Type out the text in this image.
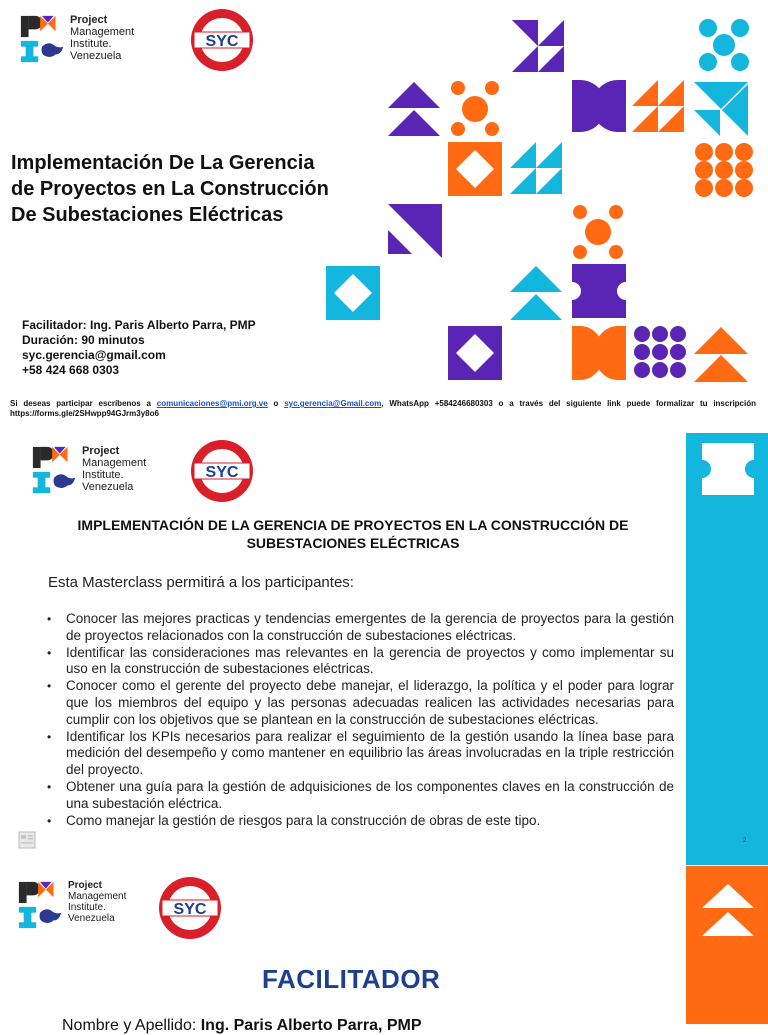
Project
Management
Institute.
Venezuela
SYC
Implementación De La Gerencia
de Proyectos en La Construcción
De Subestaciones Eléctricas
Facilitador: Ing. Paris Alberto Parra, PMP
Duración: 90 minutos
syc.gerencia@gmail.com
+58 424 668 0303

Si deseas participar escríbenos a comunicaciones@pmi.org.ve o syc.gerencia@Gmail.com, WhatsApp +584246680303 o a través del siguiente link puede formalizar tu inscripción https://forms.gle/2SHwpp94GJrm3y8o6

Project
Management
Institute.
Venezuela
SYC
IMPLEMENTACIÓN DE LA GERENCIA DE PROYECTOS EN LA CONSTRUCCIÓN DE SUBESTACIONES ELÉCTRICAS

Esta Masterclass permitirá a los participantes:

• Conocer las mejores practicas y tendencias emergentes de la gerencia de proyectos para la gestión de proyectos relacionados con la construcción de subestaciones eléctricas.
• Identificar las consideraciones mas relevantes en la gerencia de proyectos y como implementar su uso en la construcción de subestaciones eléctricas.
• Conocer como el gerente del proyecto debe manejar, el liderazgo, la política y el poder para lograr que los miembros del equipo y las personas adecuadas realicen las actividades necesarias para cumplir con los objetivos que se plantean en la construcción de subestaciones eléctricas.
• Identificar los KPIs necesarios para realizar el seguimiento de la gestión usando la línea base para medición del desempeño y como mantener en equilibrio las áreas involucradas en la triple restricción del proyecto.
• Obtener una guía para la gestión de adquisiciones de los componentes claves en la construcción de una subestación eléctrica.
• Como manejar la gestión de riesgos para la construcción de obras de este tipo.
2
Project
Management
Institute.
Venezuela
SYC
FACILITADOR

Nombre y Apellido: Ing. Paris Alberto Parra, PMP
